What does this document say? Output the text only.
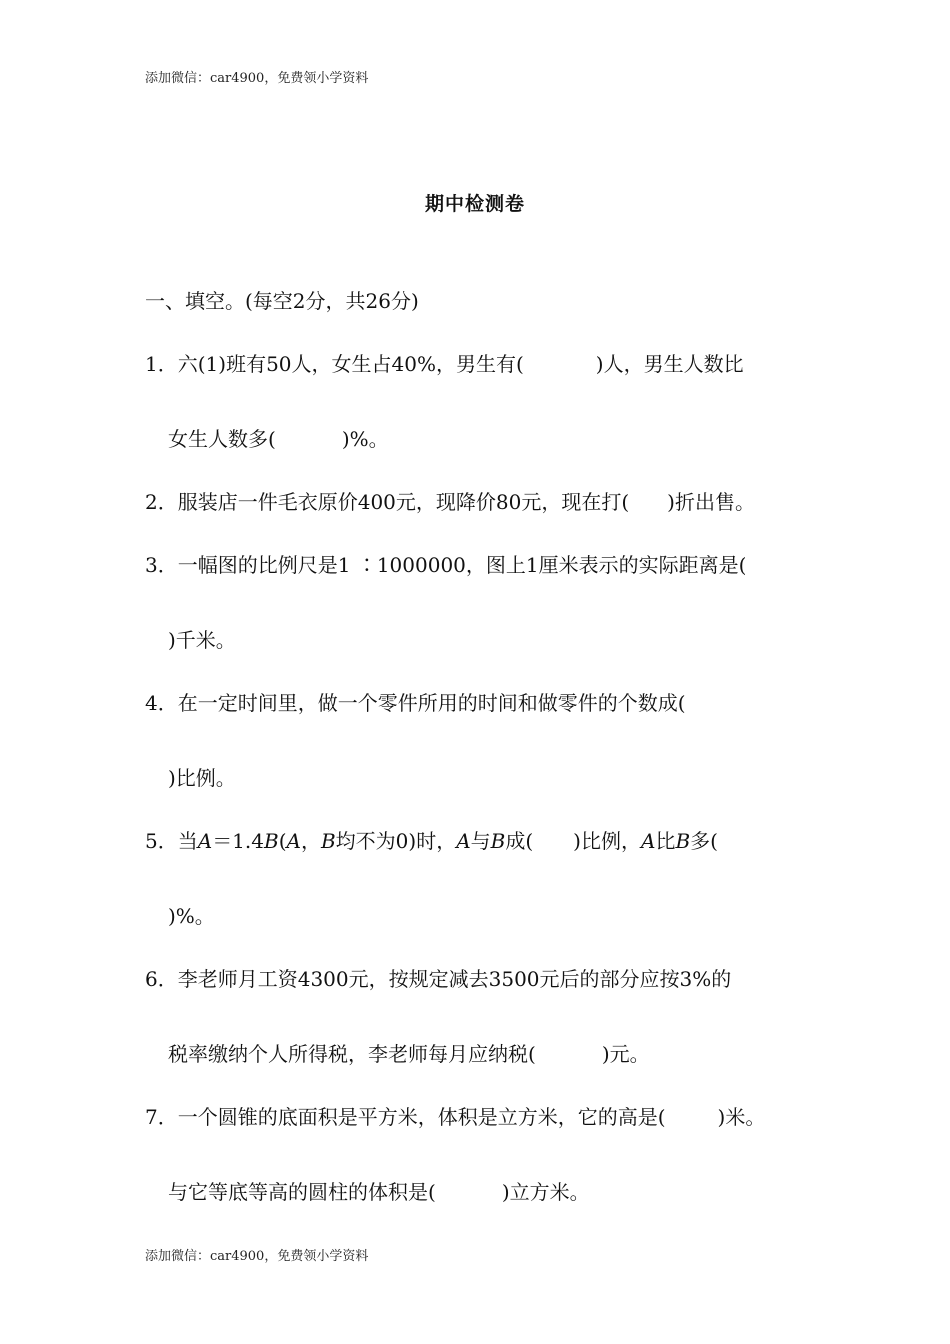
添加微信：car4900，免费领小学资料
期中检测卷
一、填空。(每空2分，共26分)
1．六(1)班有50人，女生占40%，男生有(	)人，男生人数比
女生人数多(	)%。
2．服装店一件毛衣原价400元，现降价80元，现在打( )折出售。
3．一幅图的比例尺是1 ∶1000000，图上1厘米表示的实际距离是(
)千米。
4．在一定时间里，做一个零件所用的时间和做零件的个数成(
)比例。
5．当A＝1.4B(A，B均不为0)时，A与B成( )比例，A比B多(
)%。
6．李老师月工资4300元，按规定减去3500元后的部分应按3%的
税率缴纳个人所得税，李老师每月应纳税(	)元。
7．一个圆锥的底面积是平方米，体积是立方米，它的高是(	)米。
与它等底等高的圆柱的体积是(	)立方米。
添加微信：car4900，免费领小学资料
